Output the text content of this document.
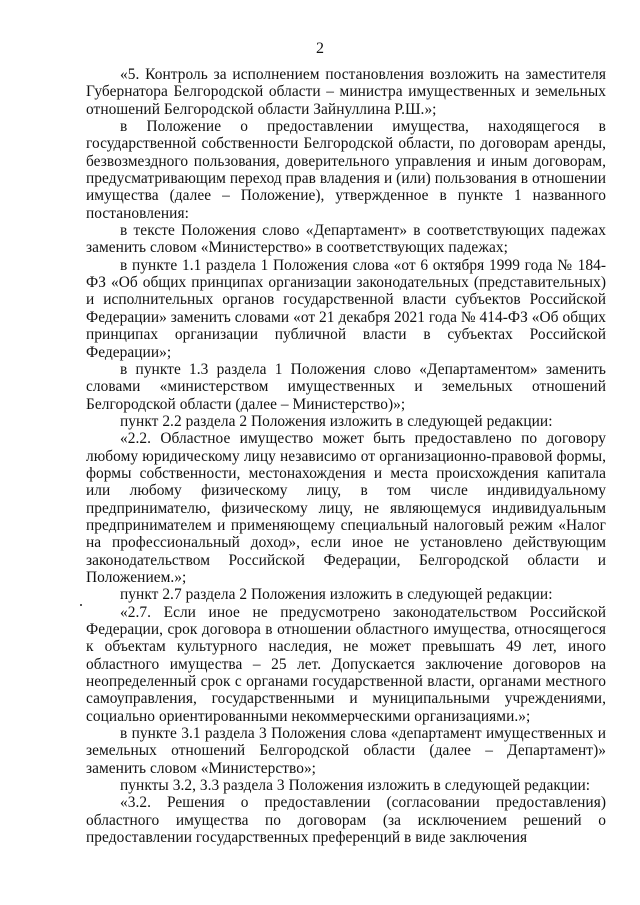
2

«5. Контроль за исполнением постановления возложить на заместителя Губернатора Белгородской области – министра имущественных и земельных отношений Белгородской области Зайнуллина Р.Ш.»;

в Положение о предоставлении имущества, находящегося в государственной собственности Белгородской области, по договорам аренды, безвозмездного пользования, доверительного управления и иным договорам, предусматривающим переход прав владения и (или) пользования в отношении имущества (далее – Положение), утвержденное в пункте 1 названного постановления:

в тексте Положения слово «Департамент» в соответствующих падежах заменить словом «Министерство» в соответствующих падежах;

в пункте 1.1 раздела 1 Положения слова «от 6 октября 1999 года № 184-ФЗ «Об общих принципах организации законодательных (представительных) и исполнительных органов государственной власти субъектов Российской Федерации» заменить словами «от 21 декабря 2021 года № 414-ФЗ «Об общих принципах организации публичной власти в субъектах Российской Федерации»;

в пункте 1.3 раздела 1 Положения слово «Департаментом» заменить словами «министерством имущественных и земельных отношений Белгородской области (далее – Министерство)»;

пункт 2.2 раздела 2 Положения изложить в следующей редакции:

«2.2. Областное имущество может быть предоставлено по договору любому юридическому лицу независимо от организационно-правовой формы, формы собственности, местонахождения и места происхождения капитала или любому физическому лицу, в том числе индивидуальному предпринимателю, физическому лицу, не являющемуся индивидуальным предпринимателем и применяющему специальный налоговый режим «Налог на профессиональный доход», если иное не установлено действующим законодательством Российской Федерации, Белгородской области и Положением.»;

пункт 2.7 раздела 2 Положения изложить в следующей редакции:

«2.7. Если иное не предусмотрено законодательством Российской Федерации, срок договора в отношении областного имущества, относящегося к объектам культурного наследия, не может превышать 49 лет, иного областного имущества – 25 лет. Допускается заключение договоров на неопределенный срок с органами государственной власти, органами местного самоуправления, государственными и муниципальными учреждениями, социально ориентированными некоммерческими организациями.»;

в пункте 3.1 раздела 3 Положения слова «департамент имущественных и земельных отношений Белгородской области (далее – Департамент)» заменить словом «Министерство»;

пункты 3.2, 3.3 раздела 3 Положения изложить в следующей редакции:

«3.2. Решения о предоставлении (согласовании предоставления) областного имущества по договорам (за исключением решений о предоставлении государственных преференций в виде заключения
